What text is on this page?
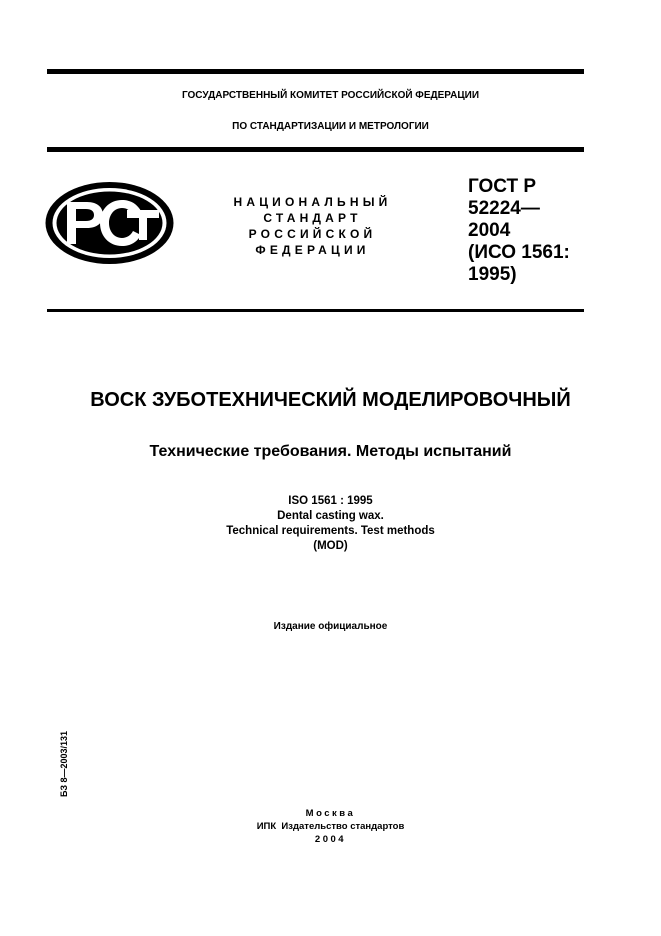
ГОСУДАРСТВЕННЫЙ КОМИТЕТ РОССИЙСКОЙ ФЕДЕРАЦИИ
ПО СТАНДАРТИЗАЦИИ И МЕТРОЛОГИИ
НАЦИОНАЛЬНЫЙ
СТАНДАРТ
РОССИЙСКОЙ
ФЕДЕРАЦИИ
ГОСТ Р
52224—
2004
(ИСО 1561:
1995)
ВОСК ЗУБОТЕХНИЧЕСКИЙ МОДЕЛИРОВОЧНЫЙ
Технические требования. Методы испытаний
ISO 1561 : 1995
Dental casting wax.
Technical requirements. Test methods
(MOD)
Издание официальное
БЗ 8—2003/131
Москва
ИПК  Издательство стандартов
2004
